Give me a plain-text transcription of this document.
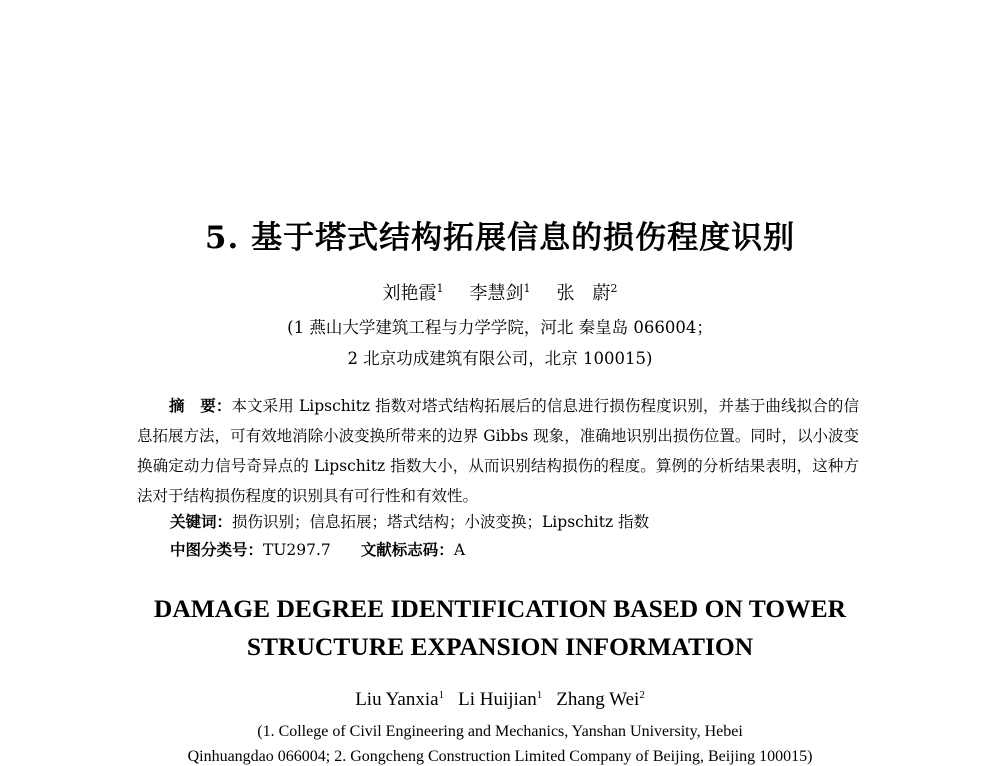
5. 基于塔式结构拓展信息的损伤程度识别
刘艳霞$^1$ 李慧剑$^1$ 张　蔚$^2$
(1 燕山大学建筑工程与力学学院，河北 秦皇岛 066004；
2 北京功成建筑有限公司，北京 100015)
摘　要：本文采用 Lipschitz 指数对塔式结构拓展后的信息进行损伤程度识别，并基于曲线拟合的信息拓展方法，可有效地消除小波变换所带来的边界 Gibbs 现象，准确地识别出损伤位置。同时，以小波变换确定动力信号奇异点的 Lipschitz 指数大小，从而识别结构损伤的程度。算例的分析结果表明，这种方法对于结构损伤程度的识别具有可行性和有效性。
关键词：损伤识别；信息拓展；塔式结构；小波变换；Lipschitz 指数
中图分类号：TU297.7 文献标志码：A
DAMAGE DEGREE IDENTIFICATION BASED ON TOWER
STRUCTURE EXPANSION INFORMATION
Liu Yanxia$^1$ Li Huijian$^1$ Zhang Wei$^2$
(1. College of Civil Engineering and Mechanics, Yanshan University, Hebei
Qinhuangdao 066004; 2. Gongcheng Construction Limited Company of Beijing, Beijing 100015)
